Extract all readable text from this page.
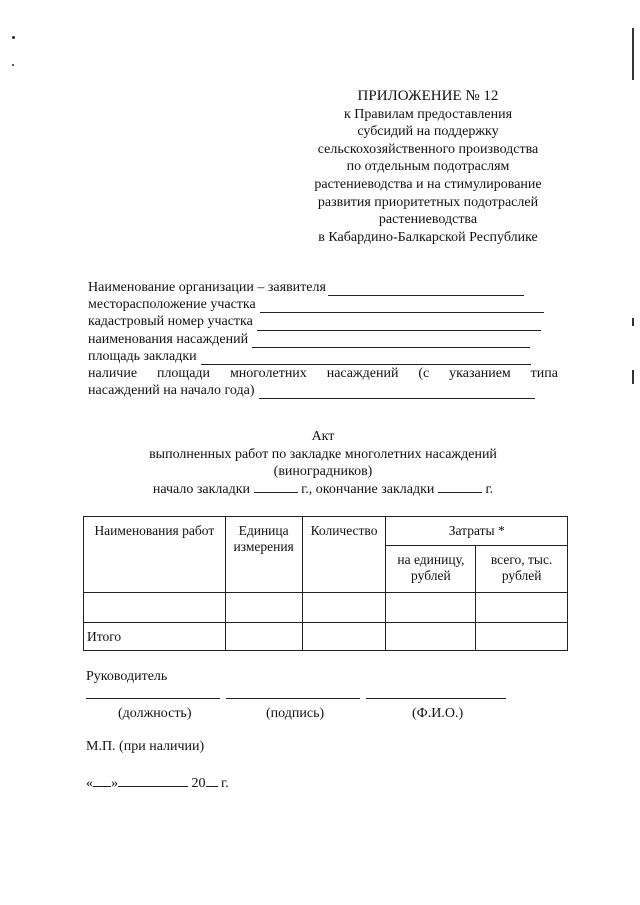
ПРИЛОЖЕНИЕ № 12
к Правилам предоставления
субсидий на поддержку
сельскохозяйственного производства
по отдельным подотраслям
растениеводства и на стимулирование
развития приоритетных подотраслей
растениеводства
в Кабардино-Балкарской Республике
Наименование организации – заявителя
месторасположение участка
кадастровый номер участка
наименования насаждений
площадь закладки
наличие площади многолетних насаждений (с указанием типа
насаждений на начало года)
Акт
выполненных работ по закладке многолетних насаждений
(виноградников)
начало закладки	г., окончание закладки	г.
Наименования работ	Единица измерения	Количество	Затраты *	
			на единицу, рублей	всего, тыс. рублей

Итого				
Руководитель
(должность)	(подпись)	(Ф.И.О.)
М.П. (при наличии)
« »	20 г.
